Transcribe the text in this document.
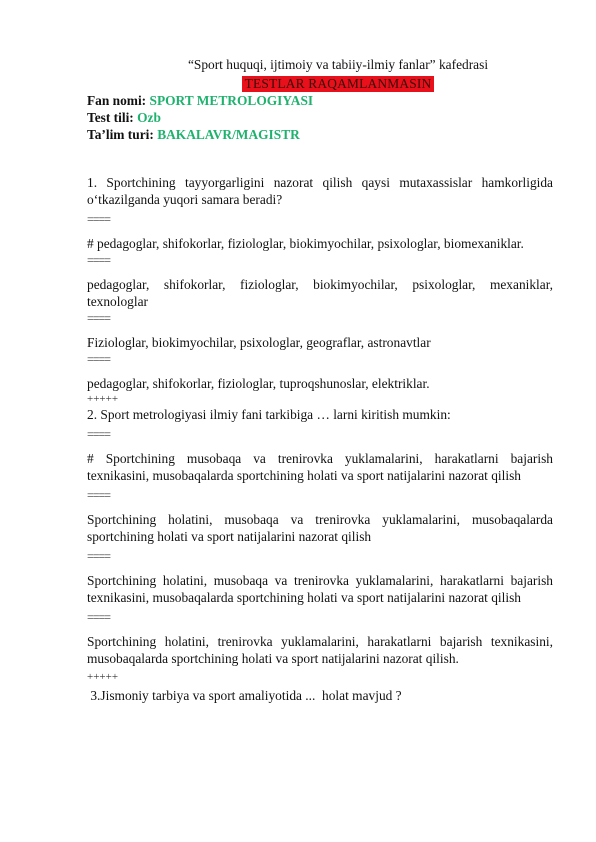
“Sport huquqi, ijtimoiy va tabiiy-ilmiy fanlar” kafedrasi
TESTLAR RAQAMLANMASIN
Fan nomi: SPORT METROLOGIYASI
Test tili: Ozb
Ta’lim turi: BAKALAVR/MAGISTR
1. Sportchining tayyorgarligini nazorat qilish qaysi mutaxassislar hamkorligida o‘tkazilganda yuqori samara beradi?
====
# pedagoglar, shifokorlar, fiziologlar, biokimyochilar, psixologlar, biomexaniklar.
====
pedagoglar, shifokorlar, fiziologlar, biokimyochilar, psixologlar, mexaniklar, texnologlar
====
Fiziologlar, biokimyochilar, psixologlar, geograflar, astronavtlar
====
pedagoglar, shifokorlar, fiziologlar, tuproqshunoslar, elektriklar.
+++++
2. Sport metrologiyasi ilmiy fani tarkibiga … larni kiritish mumkin:
====
# Sportchining musobaqa va trenirovka yuklamalarini, harakatlarni bajarish texnikasini, musobaqalarda sportchining holati va sport natijalarini nazorat qilish
====
Sportchining holatini, musobaqa va trenirovka yuklamalarini, musobaqalarda sportchining holati va sport natijalarini nazorat qilish
====
Sportchining holatini, musobaqa va trenirovka yuklamalarini, harakatlarni bajarish texnikasini, musobaqalarda sportchining holati va sport natijalarini nazorat qilish
====
Sportchining holatini, trenirovka yuklamalarini, harakatlarni bajarish texnikasini, musobaqalarda sportchining holati va sport natijalarini nazorat qilish.
+++++
3.Jismoniy tarbiya va sport amaliyotida ...  holat mavjud ?
